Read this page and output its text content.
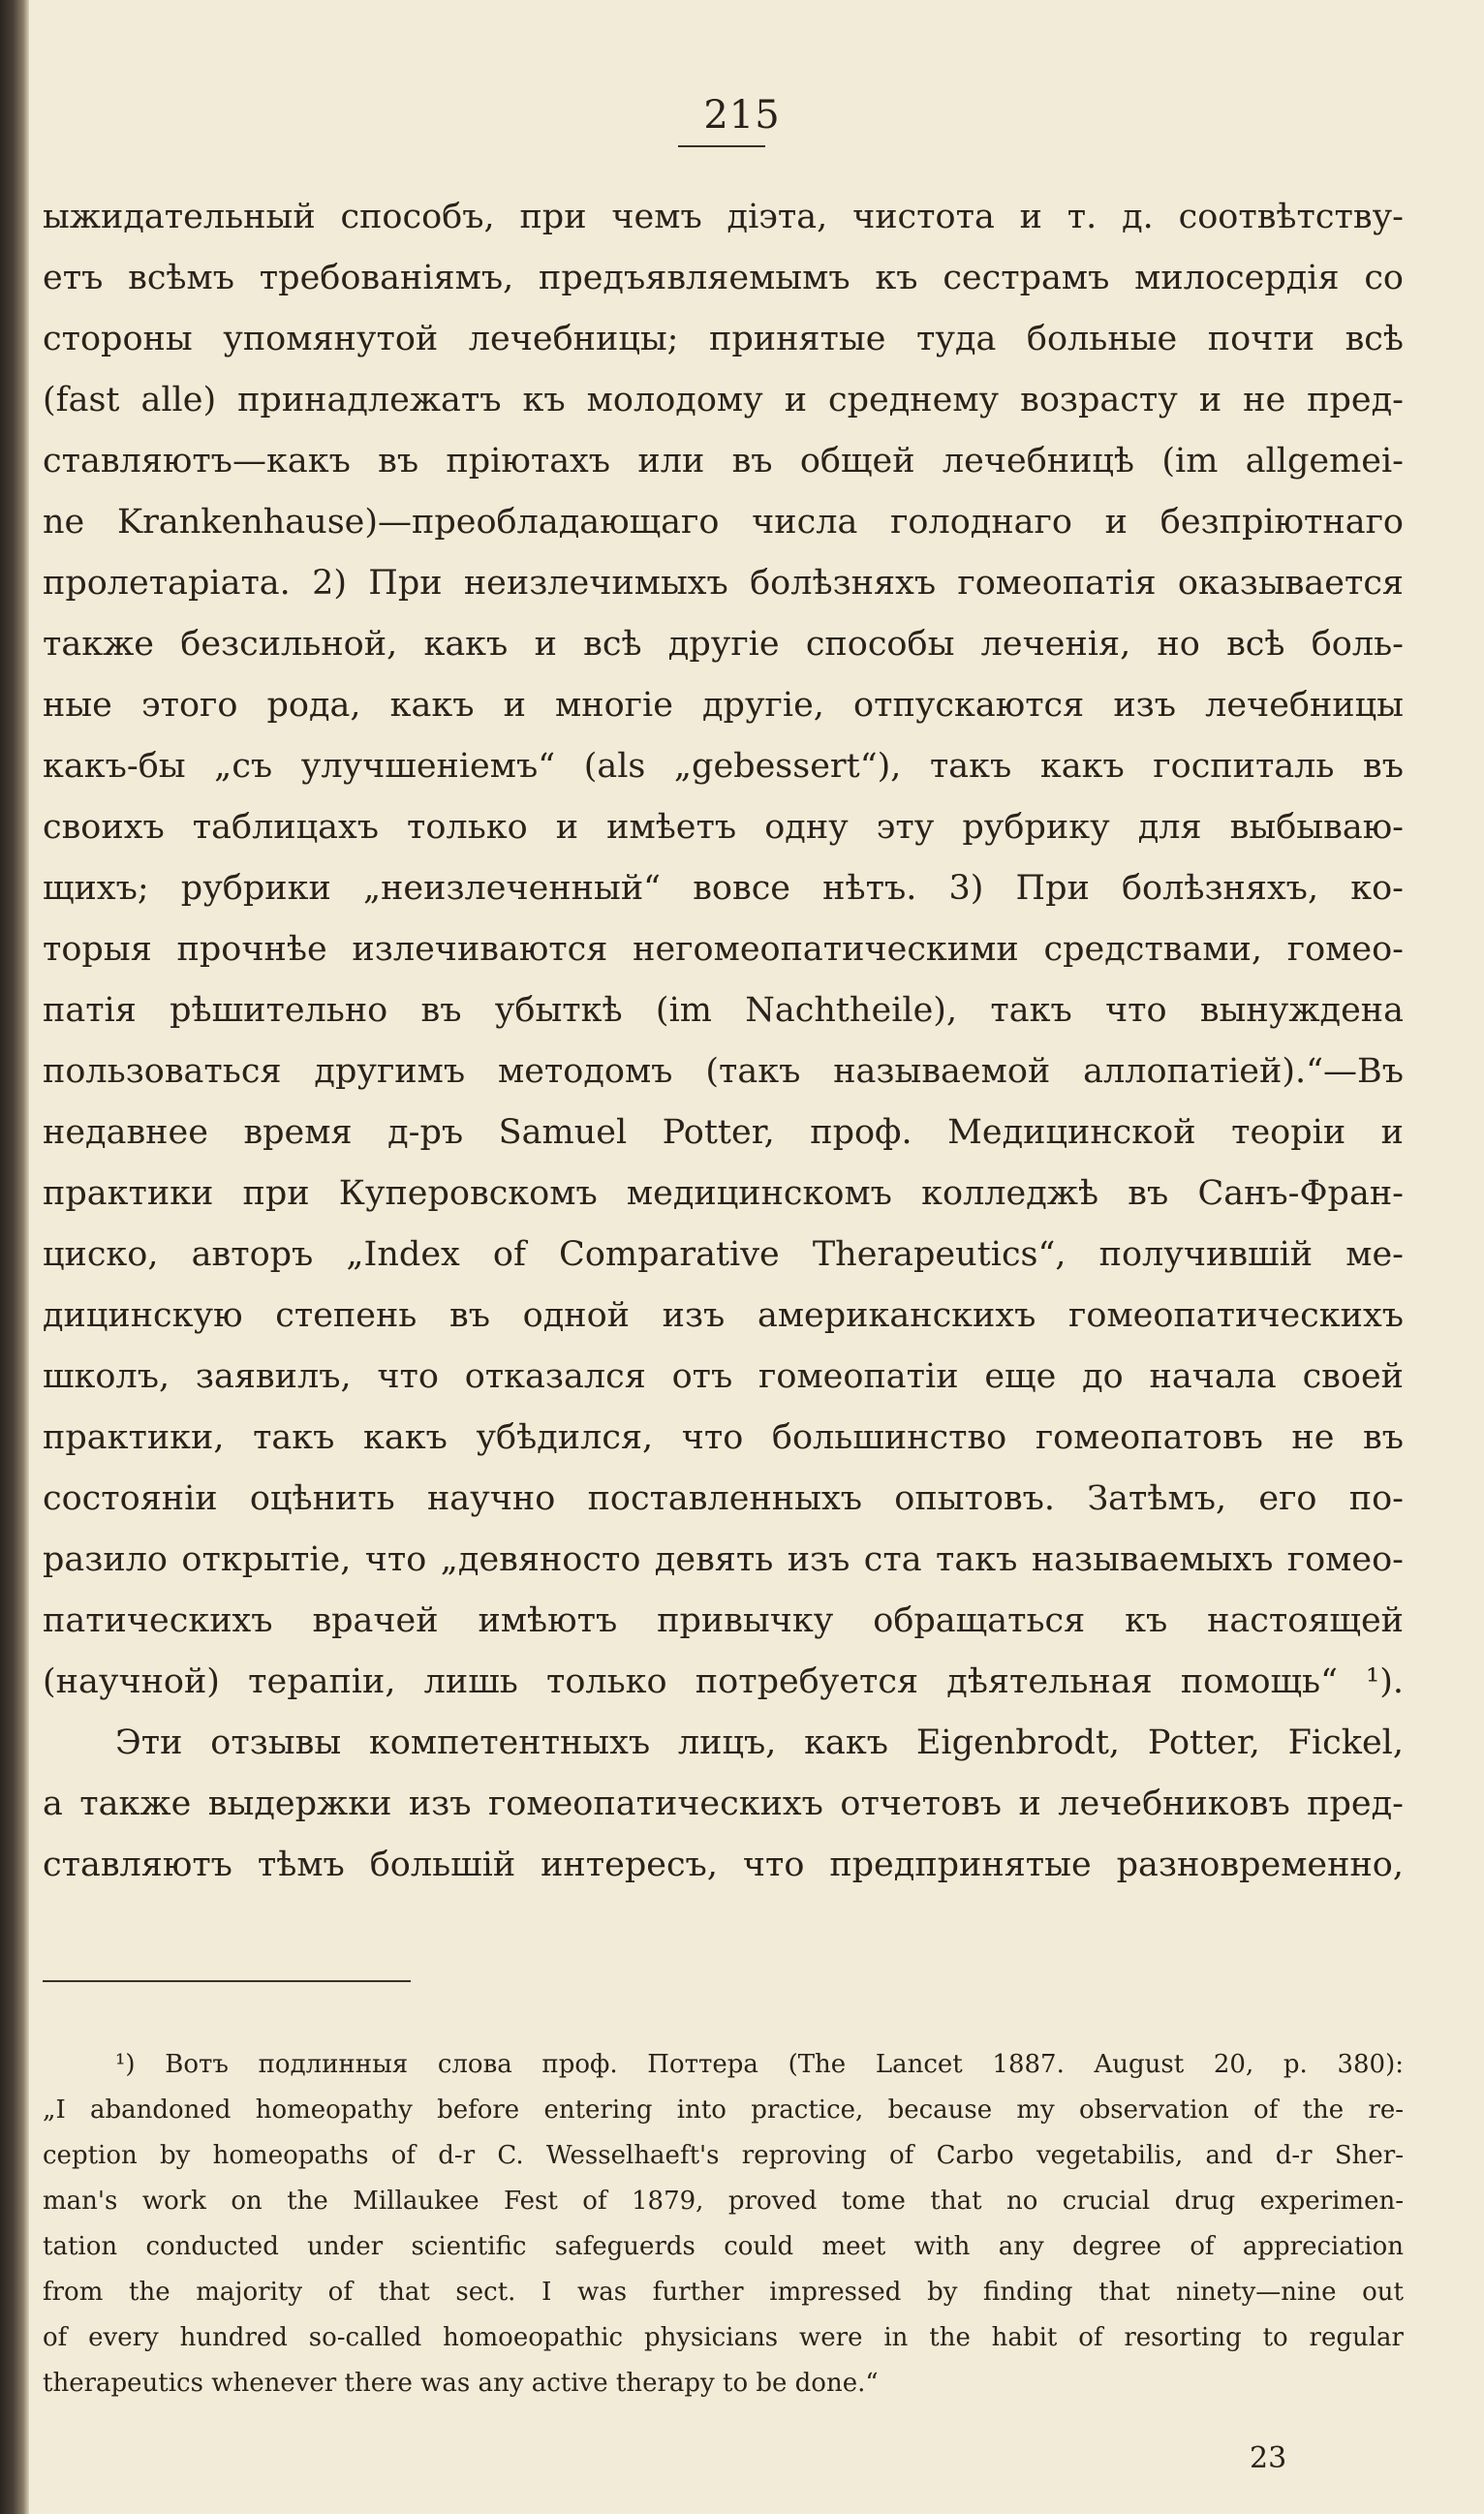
215
ыжидательный способъ, при чемъ діэта, чистота и т. д. соотвѣтству-
етъ всѣмъ требованіямъ, предъявляемымъ къ сестрамъ милосердія со
стороны упомянутой лечебницы; принятые туда больные почти всѣ
(fast alle) принадлежатъ къ молодому и среднему возрасту и не пред-
ставляютъ—какъ въ пріютахъ или въ общей лечебницѣ (im allgemei-
ne Krankenhause)—преобладающаго числа голоднаго и безпріютнаго
пролетаріата. 2) При неизлечимыхъ болѣзняхъ гомеопатія оказывается
также безсильной, какъ и всѣ другіе способы леченія, но всѣ боль-
ные этого рода, какъ и многіе другіе, отпускаются изъ лечебницы
какъ-бы „съ улучшеніемъ“ (als „gebessert“), такъ какъ госпиталь въ
своихъ таблицахъ только и имѣетъ одну эту рубрику для выбываю-
щихъ; рубрики „неизлеченный“ вовсе нѣтъ. 3) При болѣзняхъ, ко-
торыя прочнѣе излечиваются негомеопатическими средствами, гомео-
патія рѣшительно въ убыткѣ (im Nachtheile), такъ что вынуждена
пользоваться другимъ методомъ (такъ называемой аллопатіей).“—Въ
недавнее время д-ръ Samuel Potter, проф. Медицинской теоріи и
практики при Куперовскомъ медицинскомъ колледжѣ въ Санъ-Фран-
циско, авторъ „Index of Comparative Therapeutics“, получившій ме-
дицинскую степень въ одной изъ американскихъ гомеопатическихъ
школъ, заявилъ, что отказался отъ гомеопатіи еще до начала своей
практики, такъ какъ убѣдился, что большинство гомеопатовъ не въ
состояніи оцѣнить научно поставленныхъ опытовъ. Затѣмъ, его по-
разило открытіе, что „девяносто девять изъ ста такъ называемыхъ гомео-
патическихъ врачей имѣютъ привычку обращаться къ настоящей
(научной) терапіи, лишь только потребуется дѣятельная помощь“ ¹).
Эти отзывы компетентныхъ лицъ, какъ Eigenbrodt, Potter, Fickel,
а также выдержки изъ гомеопатическихъ отчетовъ и лечебниковъ пред-
ставляютъ тѣмъ большій интересъ, что предпринятые разновременно,
¹) Вотъ подлинныя слова проф. Поттера (The Lancet 1887. August 20, p. 380):
„I abandoned homeopathy before entering into practice, because my observation of the re-
ception by homeopaths of d-r C. Wesselhaeft's reproving of Carbo vegetabilis, and d-r Sher-
man's work on the Millaukee Fest of 1879, proved tome that no crucial drug experimen-
tation conducted under scientific safeguerds could meet with any degree of appreciation
from the majority of that sect. I was further impressed by finding that ninety—nine out
of every hundred so-called homoeopathic physicians were in the habit of resorting to regular
therapeutics whenever there was any active therapy to be done.“
23
